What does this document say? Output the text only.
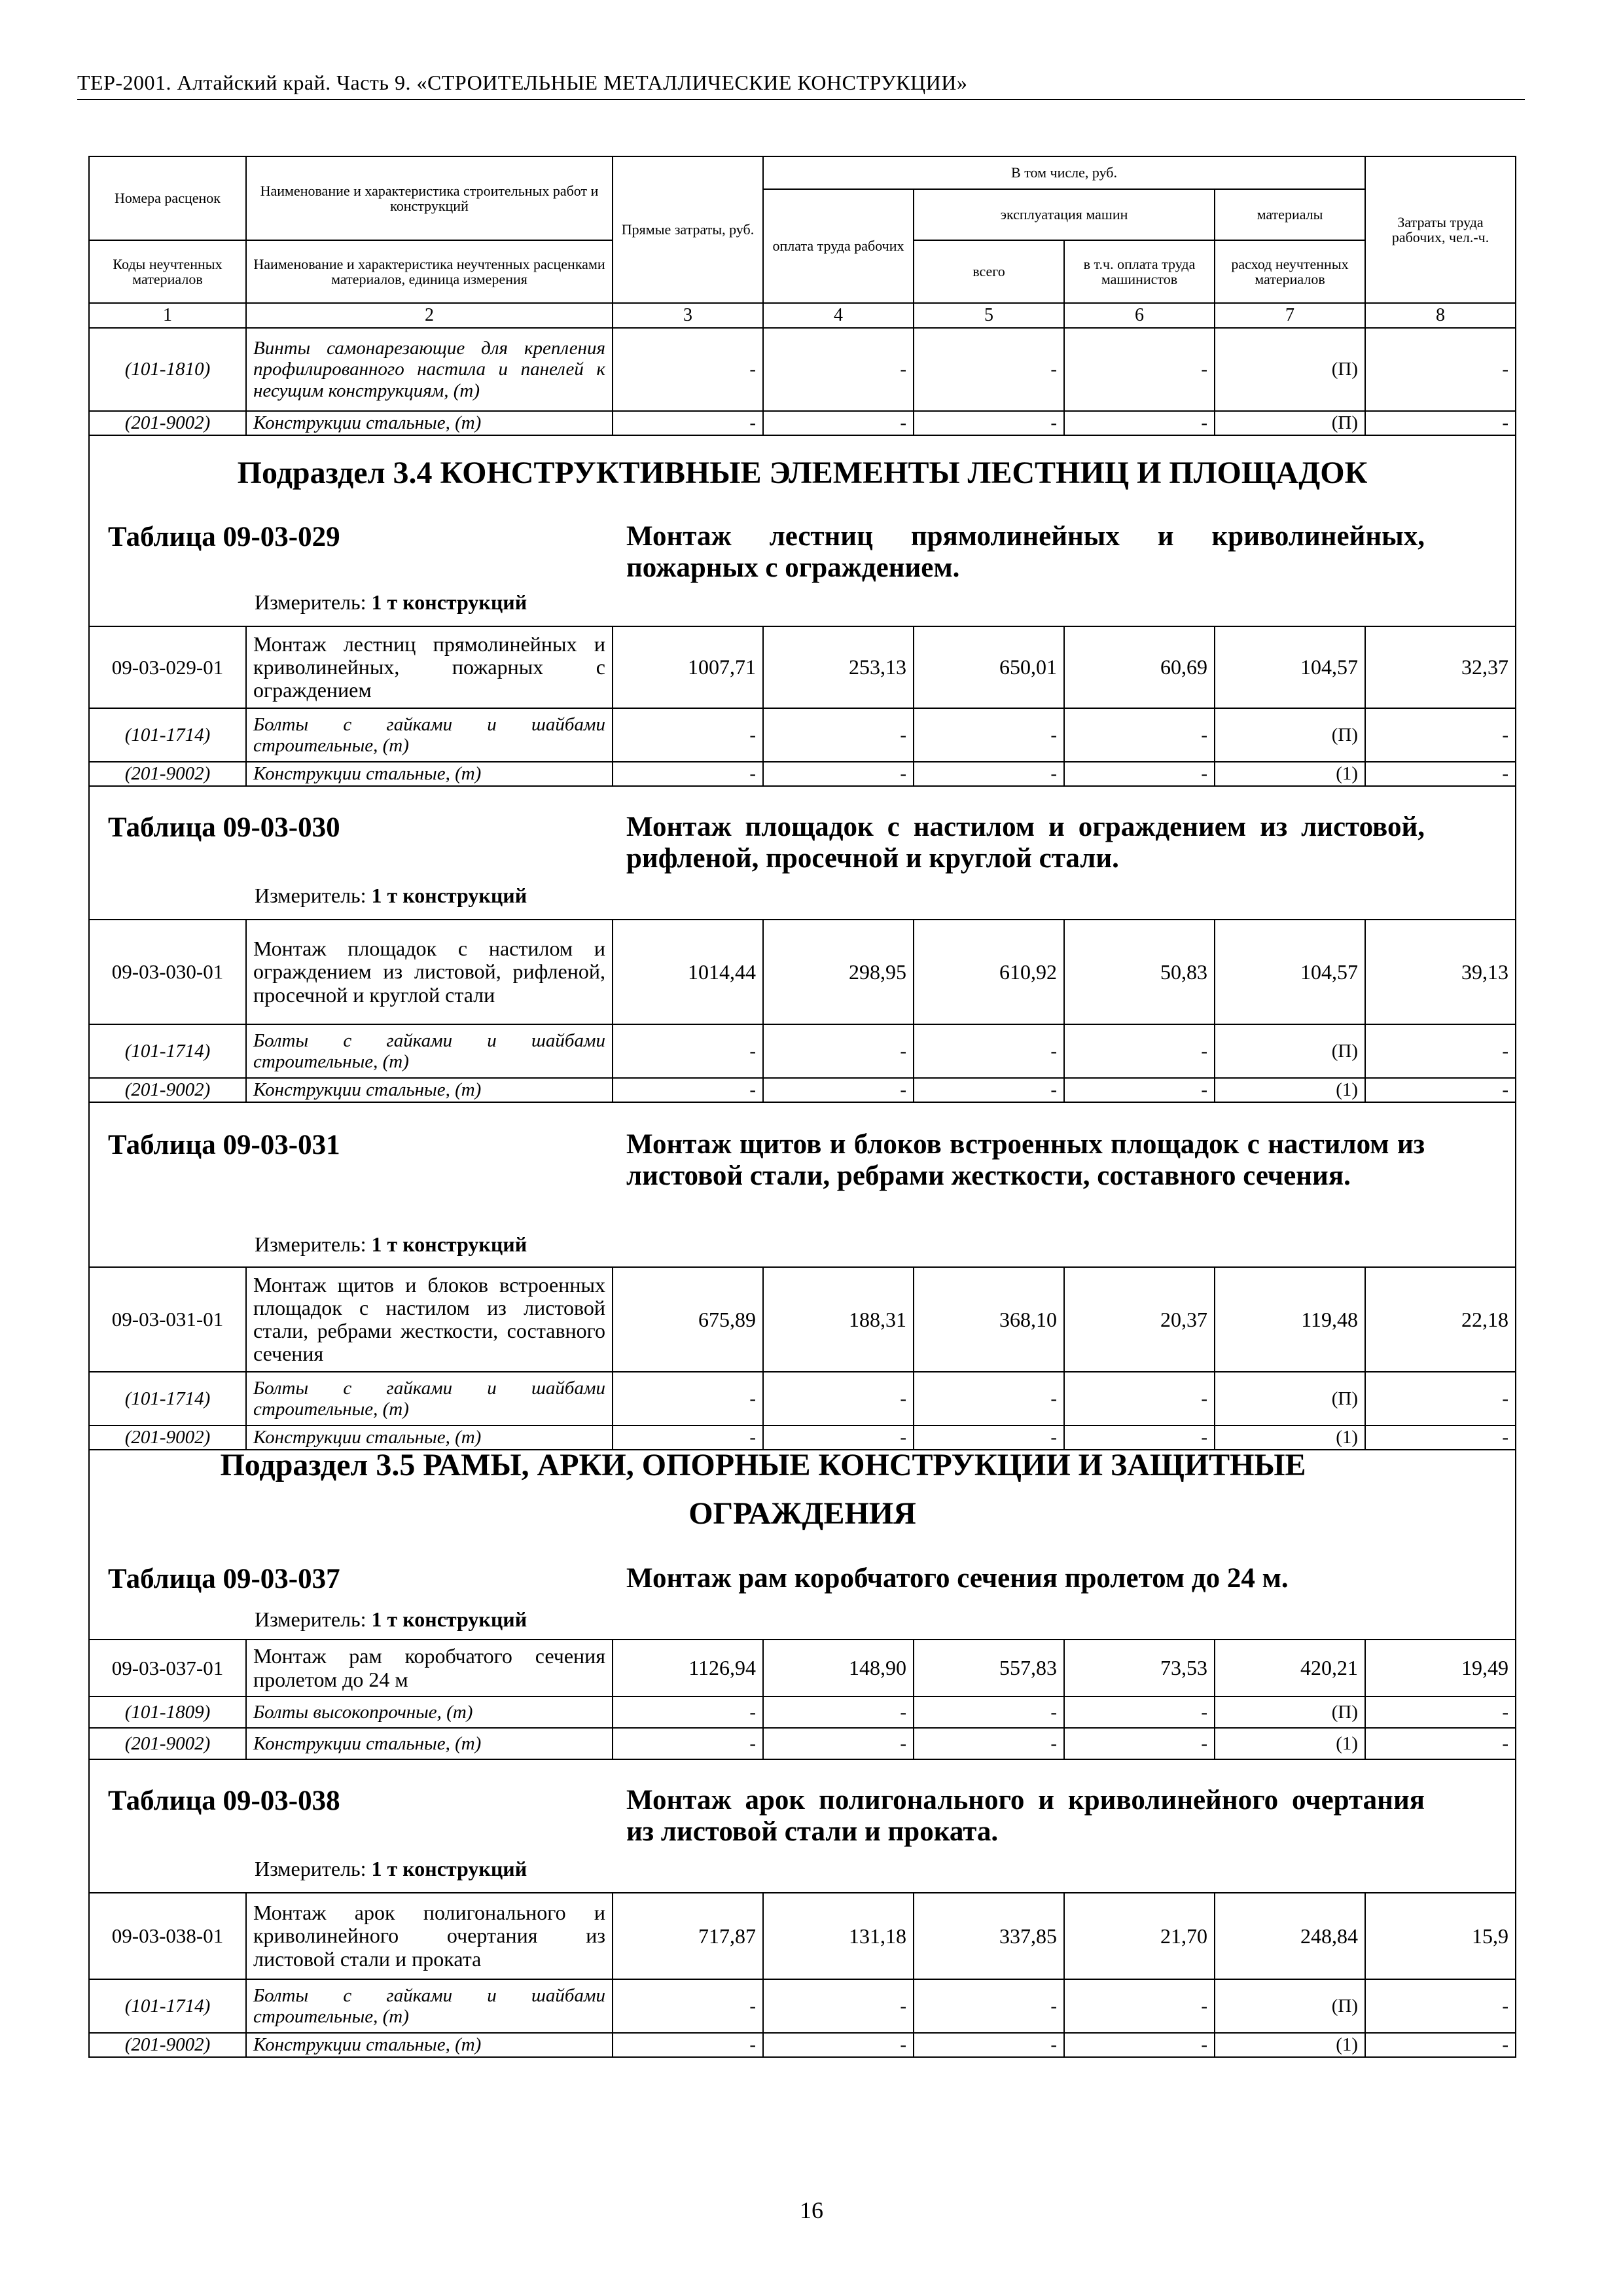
ТЕР-2001. Алтайский край. Часть 9. «СТРОИТЕЛЬНЫЕ МЕТАЛЛИЧЕСКИЕ КОНСТРУКЦИИ»
Номера расценок	Наименование и характеристика строительных работ и конструкций	Прямые затраты, руб.	В том числе, руб.				Затраты труда рабочих, чел.-ч.
			оплата труда рабочих	эксплуатация машин		материалы	
Коды неучтенных материалов	Наименование и характеристика неучтенных расценками материалов, единица измерения			всего	в т.ч. оплата труда машинистов	расход неучтенных материалов	
1	2	3	4	5	6	7	8
(101-1810)	Винты самонарезающие для крепления профилированного настила и панелей к несущим конструкциям, (т)	-	-	-	-	(П)	-
(201-9002)	Конструкции стальные, (т)	-	-	-	-	(П)	-

Подраздел 3.4 КОНСТРУКТИВНЫЕ ЭЛЕМЕНТЫ ЛЕСТНИЦ И ПЛОЩАДОК
Таблица 09-03-029 Монтаж лестниц прямолинейных и криволинейных, пожарных с ограждением.
Измеритель: 1 т конструкций							

09-03-029-01	Монтаж лестниц прямолинейных и криволинейных, пожарных с ограждением	1007,71	253,13	650,01	60,69	104,57	32,37
(101-1714)	Болты с гайками и шайбами строительные, (т)	-	-	-	-	(П)	-
(201-9002)	Конструкции стальные, (т)	-	-	-	-	(1)	-

Таблица 09-03-030 Монтаж площадок с настилом и ограждением из листовой, рифленой, просечной и круглой стали.
Измеритель: 1 т конструкций							

09-03-030-01	Монтаж площадок с настилом и ограждением из листовой, рифленой, просечной и круглой стали	1014,44	298,95	610,92	50,83	104,57	39,13
(101-1714)	Болты с гайками и шайбами строительные, (т)	-	-	-	-	(П)	-
(201-9002)	Конструкции стальные, (т)	-	-	-	-	(1)	-

Таблица 09-03-031 Монтаж щитов и блоков встроенных площадок с настилом из листовой стали, ребрами жесткости, составного сечения.
Измеритель: 1 т конструкций							

09-03-031-01	Монтаж щитов и блоков встроенных площадок с настилом из листовой стали, ребрами жесткости, составного сечения	675,89	188,31	368,10	20,37	119,48	22,18
(101-1714)	Болты с гайками и шайбами строительные, (т)	-	-	-	-	(П)	-
(201-9002)	Конструкции стальные, (т)	-	-	-	-	(1)	-

Подраздел 3.5 РАМЫ, АРКИ, ОПОРНЫЕ КОНСТРУКЦИИ И ЗАЩИТНЫЕ
ОГРАЖДЕНИЯ
Таблица 09-03-037 Монтаж рам коробчатого сечения пролетом до 24 м.
Измеритель: 1 т конструкций							

09-03-037-01	Монтаж рам коробчатого сечения пролетом до 24 м	1126,94	148,90	557,83	73,53	420,21	19,49
(101-1809)	Болты высокопрочные, (т)	-	-	-	-	(П)	-
(201-9002)	Конструкции стальные, (т)	-	-	-	-	(1)	-

Таблица 09-03-038 Монтаж арок полигонального и криволинейного очертания из листовой стали и проката.
Измеритель: 1 т конструкций							

09-03-038-01	Монтаж арок полигонального и криволинейного очертания из листовой стали и проката	717,87	131,18	337,85	21,70	248,84	15,9
(101-1714)	Болты с гайками и шайбами строительные, (т)	-	-	-	-	(П)	-
(201-9002)	Конструкции стальные, (т)	-	-	-	-	(1)	-
16
